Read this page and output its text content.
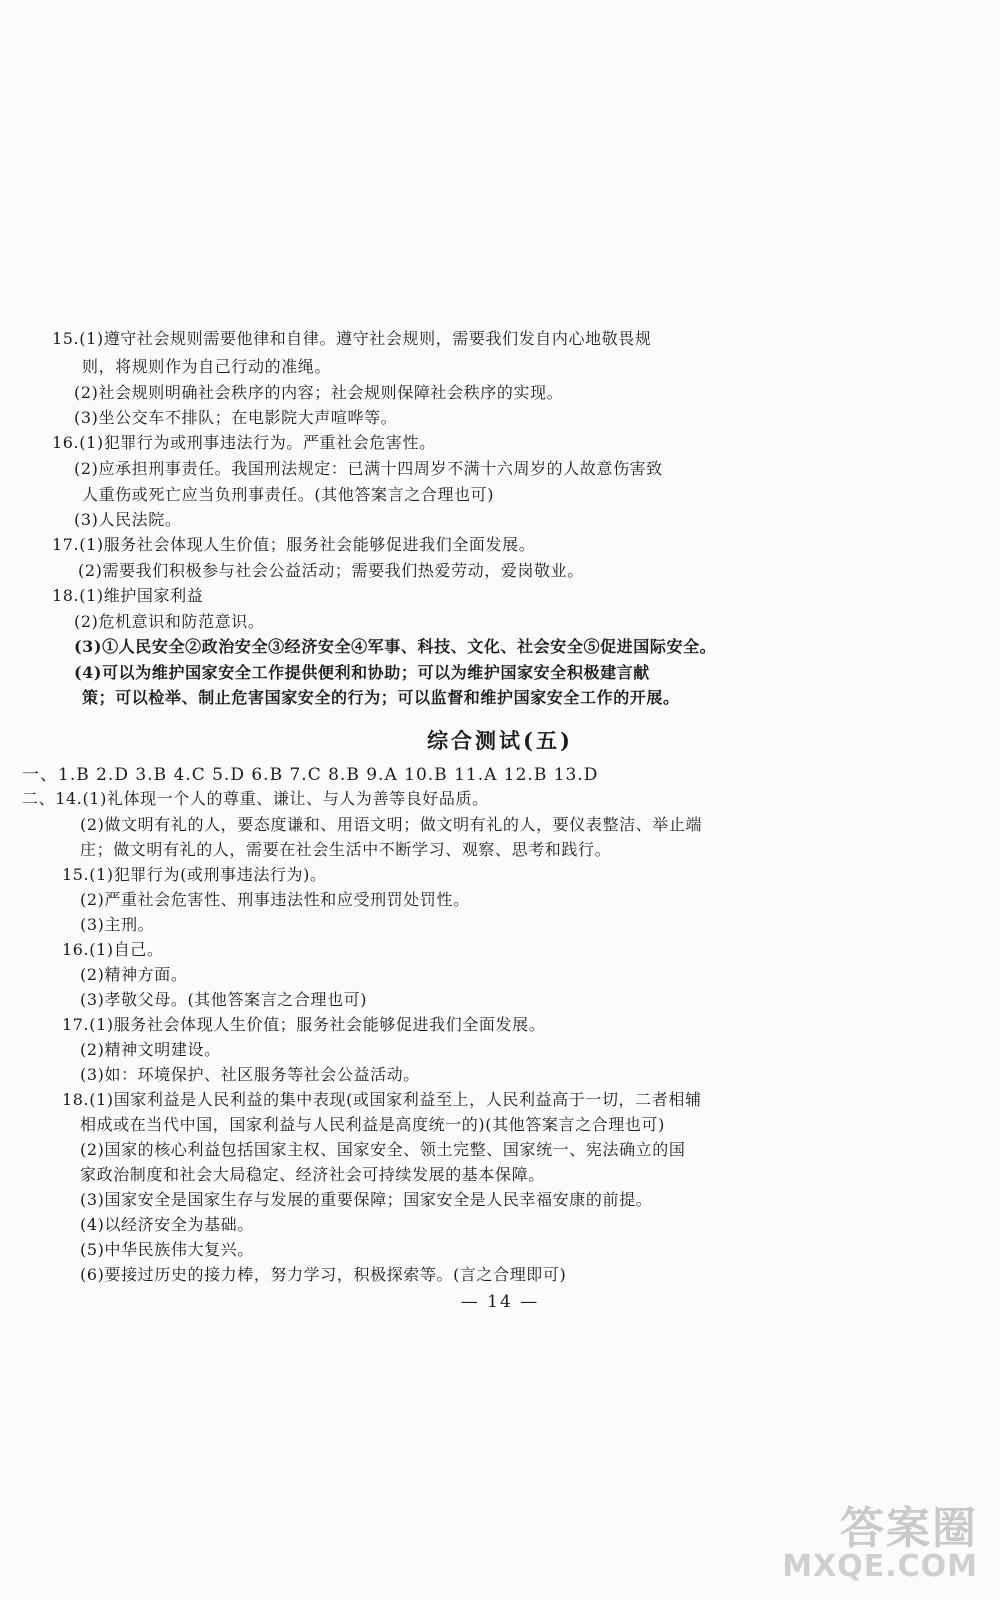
15.(1)遵守社会规则需要他律和自律。遵守社会规则，需要我们发自内心地敬畏规
则，将规则作为自己行动的准绳。
(2)社会规则明确社会秩序的内容；社会规则保障社会秩序的实现。
(3)坐公交车不排队；在电影院大声喧哗等。
16.(1)犯罪行为或刑事违法行为。严重社会危害性。
(2)应承担刑事责任。我国刑法规定：已满十四周岁不满十六周岁的人故意伤害致
人重伤或死亡应当负刑事责任。(其他答案言之合理也可)
(3)人民法院。
17.(1)服务社会体现人生价值；服务社会能够促进我们全面发展。
(2)需要我们积极参与社会公益活动；需要我们热爱劳动，爱岗敬业。
18.(1)维护国家利益
(2)危机意识和防范意识。
(3)①人民安全②政治安全③经济安全④军事、科技、文化、社会安全⑤促进国际安全。
(4)可以为维护国家安全工作提供便利和协助；可以为维护国家安全积极建言献
策；可以检举、制止危害国家安全的行为；可以监督和维护国家安全工作的开展。
综合测试(五)
一、1.B 2.D 3.B 4.C 5.D 6.B 7.C 8.B 9.A 10.B 11.A 12.B 13.D
二、14.(1)礼体现一个人的尊重、谦让、与人为善等良好品质。
(2)做文明有礼的人，要态度谦和、用语文明；做文明有礼的人，要仪表整洁、举止端
庄；做文明有礼的人，需要在社会生活中不断学习、观察、思考和践行。
15.(1)犯罪行为(或刑事违法行为)。
(2)严重社会危害性、刑事违法性和应受刑罚处罚性。
(3)主刑。
16.(1)自己。
(2)精神方面。
(3)孝敬父母。(其他答案言之合理也可)
17.(1)服务社会体现人生价值；服务社会能够促进我们全面发展。
(2)精神文明建设。
(3)如：环境保护、社区服务等社会公益活动。
18.(1)国家利益是人民利益的集中表现(或国家利益至上，人民利益高于一切，二者相辅
相成或在当代中国，国家利益与人民利益是高度统一的)(其他答案言之合理也可)
(2)国家的核心利益包括国家主权、国家安全、领土完整、国家统一、宪法确立的国
家政治制度和社会大局稳定、经济社会可持续发展的基本保障。
(3)国家安全是国家生存与发展的重要保障；国家安全是人民幸福安康的前提。
(4)以经济安全为基础。
(5)中华民族伟大复兴。
(6)要接过历史的接力棒，努力学习，积极探索等。(言之合理即可)
— 14 —
答案圈
MXQE.COM
